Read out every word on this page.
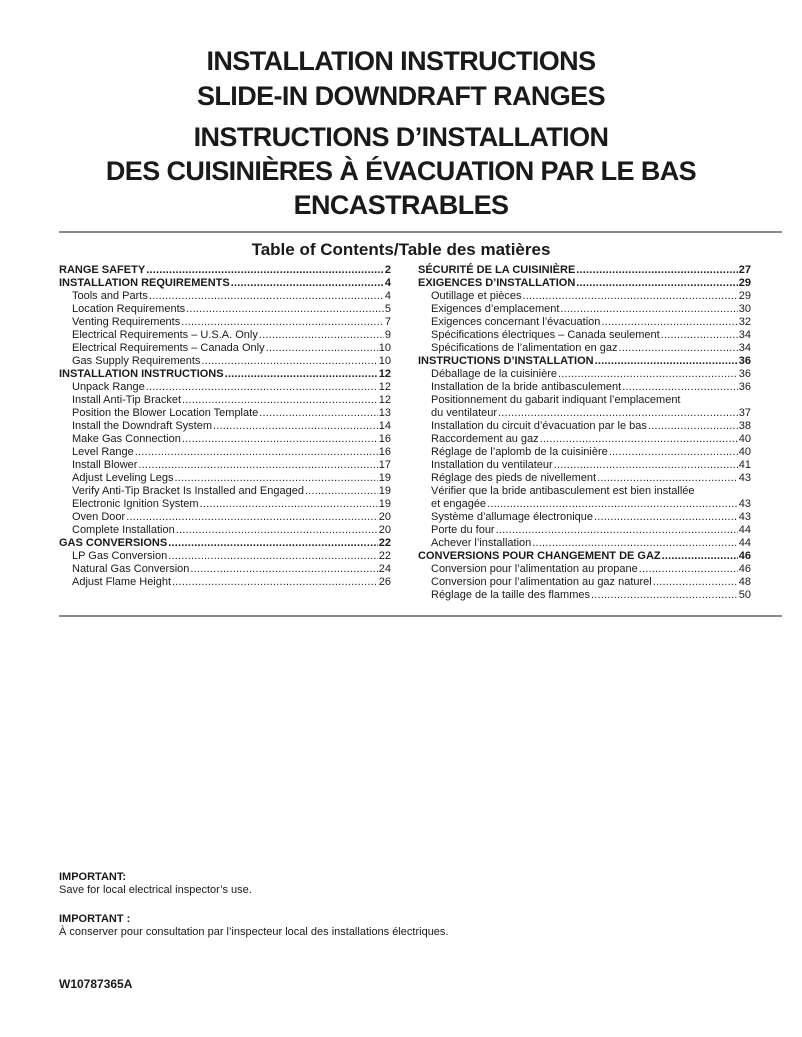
INSTALLATION INSTRUCTIONS
SLIDE-IN DOWNDRAFT RANGES
INSTRUCTIONS D’INSTALLATION
DES CUISINIÈRES À ÉVACUATION PAR LE BAS
ENCASTRABLES
Table of Contents/Table des matières
RANGE SAFETY .....	2
INSTALLATION REQUIREMENTS .....	4
Tools and Parts .....	4
Location Requirements .....	5
Venting Requirements .....	7
Electrical Requirements – U.S.A. Only .....	9
Electrical Requirements – Canada Only .....	10
Gas Supply Requirements .....	10
INSTALLATION INSTRUCTIONS .....	12
Unpack Range .....	12
Install Anti-Tip Bracket .....	12
Position the Blower Location Template .....	13
Install the Downdraft System .....	14
Make Gas Connection .....	16
Level Range .....	16
Install Blower .....	17
Adjust Leveling Legs .....	19
Verify Anti-Tip Bracket Is Installed and Engaged .....	19
Electronic Ignition System .....	19
Oven Door .....	20
Complete Installation .....	20
GAS CONVERSIONS .....	22
LP Gas Conversion .....	22
Natural Gas Conversion .....	24
Adjust Flame Height .....	26
SÉCURITÉ DE LA CUISINIÈRE .....	27
EXIGENCES D’INSTALLATION .....	29
Outillage et pièces .....	29
Exigences d’emplacement .....	30
Exigences concernant l’évacuation .....	32
Spécifications électriques – Canada seulement .....	34
Spécifications de l’alimentation en gaz .....	34
INSTRUCTIONS D’INSTALLATION .....	36
Déballage de la cuisinière .....	36
Installation de la bride antibasculement .....	36
Positionnement du gabarit indiquant l’emplacement
du ventilateur .....	37
Installation du circuit d’évacuation par le bas .....	38
Raccordement au gaz .....	40
Réglage de l’aplomb de la cuisinière .....	40
Installation du ventilateur .....	41
Réglage des pieds de nivellement .....	43
Vérifier que la bride antibasculement est bien installée
et engagée .....	43
Système d’allumage électronique .....	43
Porte du four .....	44
Achever l’installation .....	44
CONVERSIONS POUR CHANGEMENT DE GAZ .....	46
Conversion pour l’alimentation au propane .....	46
Conversion pour l’alimentation au gaz naturel .....	48
Réglage de la taille des flammes .....	50
IMPORTANT:
Save for local electrical inspector’s use.
IMPORTANT :
À conserver pour consultation par l’inspecteur local des installations électriques.
W10787365A
